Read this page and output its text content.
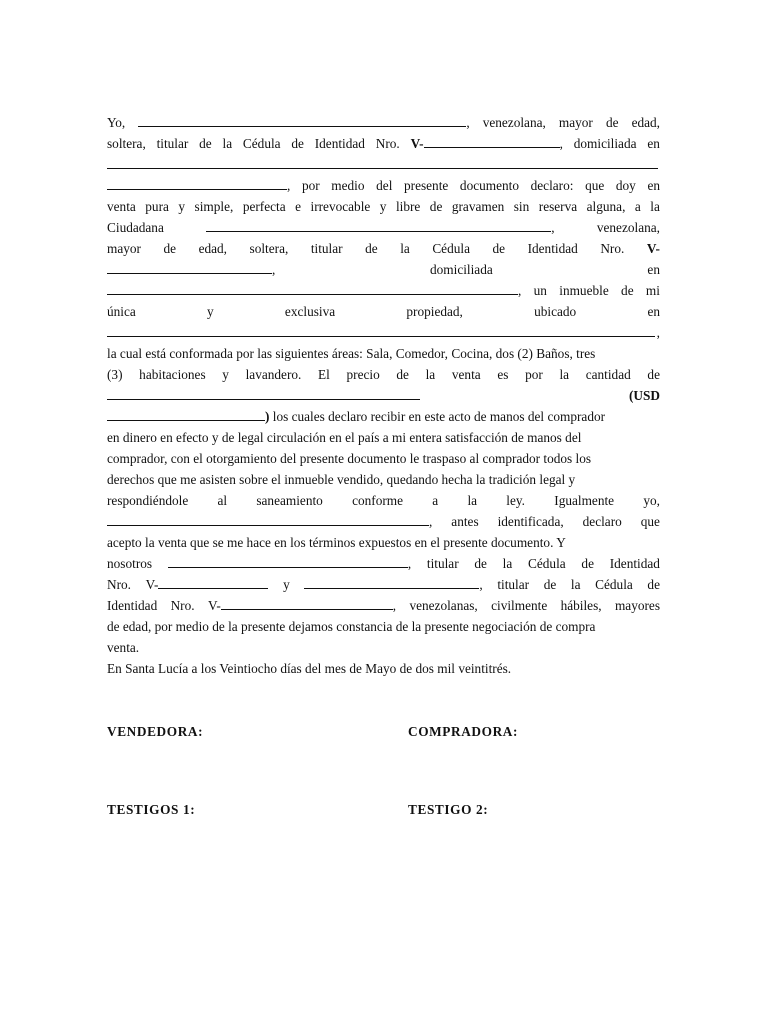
Yo,	, venezolana, mayor de edad,
soltera, titular de la Cédula de Identidad Nro. V-	, domiciliada en
, por medio del presente documento declaro: que doy en
venta pura y simple, perfecta e irrevocable y libre de gravamen sin reserva alguna, a la
Ciudadana	,	venezolana,
mayor de edad, soltera, titular de la Cédula de Identidad Nro. V-
,	domiciliada	en
, un inmueble de mi
única	y	exclusiva	propiedad,	ubicado	en
,
la cual está conformada por las siguientes áreas: Sala, Comedor, Cocina, dos (2) Baños, tres
(3) habitaciones y lavandero. El precio de la venta es por la cantidad de
(USD
) los cuales declaro recibir en este acto de manos del comprador
en dinero en efecto y de legal circulación en el país a mi entera satisfacción de manos del
comprador, con el otorgamiento del presente documento le traspaso al comprador todos los
derechos que me asisten sobre el inmueble vendido, quedando hecha la tradición legal y
respondiéndole al saneamiento conforme a la ley. Igualmente yo,
, antes identificada, declaro que
acepto la venta que se me hace en los términos expuestos en el presente documento. Y
nosotros	, titular de la Cédula de Identidad
Nro. V-	y	, titular de la Cédula de
Identidad Nro. V-	, venezolanas, civilmente hábiles, mayores
de edad, por medio de la presente dejamos constancia de la presente negociación de compra
venta.
En Santa Lucía a los Veintiocho días del mes de Mayo de dos mil veintitrés.
VENDEDORA:	COMPRADORA:
TESTIGOS 1:	TESTIGO 2:
